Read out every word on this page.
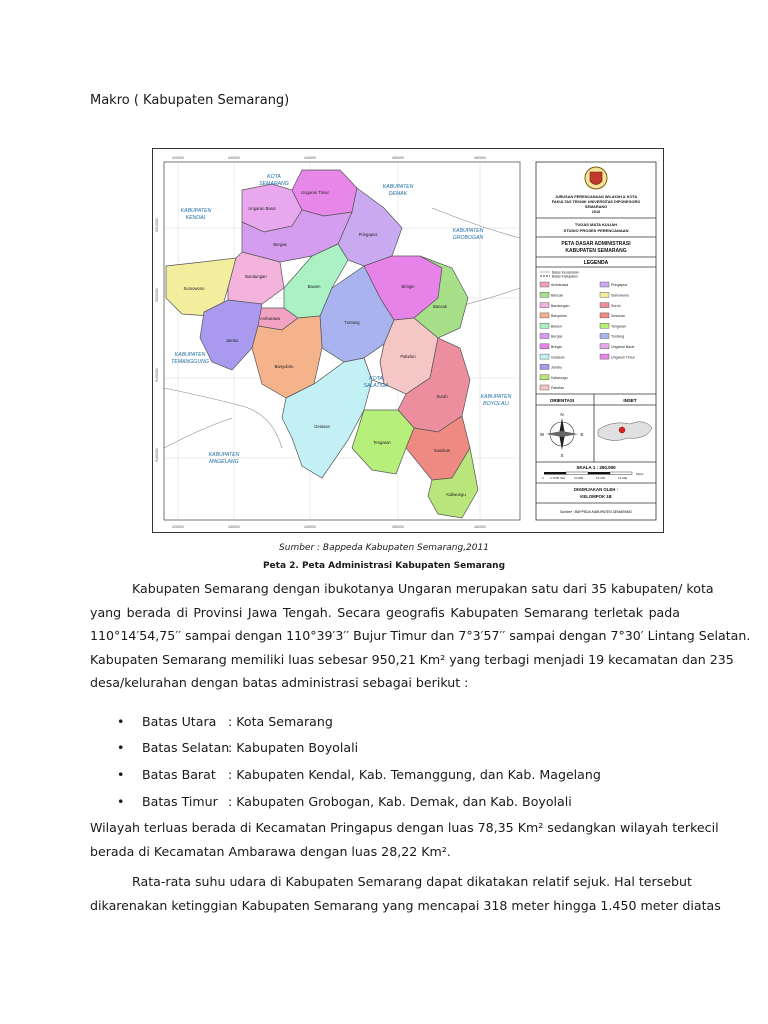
Makro ( Kabupaten Semarang)
420000	430000	440000	450000	460000
420000	430000	440000	450000	460000
9210000
9200000
9190000
9180000
Ungaran Timur
Ungaran Barat
Pringapus
Bergas
Sumowono
Bandungan
Bawen
Ambarawa
Bringin
Bancak
Jambu
Tuntang
Pabelan
Banyubiru
Getasan
Suruh
Tengaran
Susukan
Kaliwungu
KOTA
SEMARANG	KABUPATEN
DEMAK
KABUPATEN
KENDAL
KABUPATEN
GROBOGAN
KABUPATEN
TEMANGGUNG
KOTA
SALATIGA
KABUPATEN
BOYOLALI
KABUPATEN
MAGELANG
JURUSAN PERENCANAAN WILAYAH & KOTA
FAKULTAS TEKNIK UNIVERSITAS DIPONEGORO
SEMARANG
2016
TUGAS MATA KULIAH
STUDIO PROSES PERENCANAAN
PETA DASAR ADMINISTRASI
KABUPATEN SEMARANG
LEGENDA
Batas Kecamatan
Batas Kabupaten
Ambarawa
Bancak
Bandungan
Banyubiru
Bawen
Bergas
Bringin
Getasan
Jambu
Kaliwungu
Pabelan
Pringapus
Sumowono
Suruh
Susukan
Tengaran
Tuntang
Ungaran Barat
Ungaran Timur
ORIENTASI	INSET
N
E
S
W
SKALA 1 : 250.000
0 2.7005.400	10.800	16.200	21.600
Meter
DIKERJAKAN OLEH :
KELOMPOK 1B
Sumber : BAPPEDA KABUPATEN SEMARANG
Sumber : Bappeda Kabupaten Semarang,2011
Peta 2. Peta Administrasi Kabupaten Semarang
Kabupaten Semarang dengan ibukotanya Ungaran merupakan satu dari 35 kabupaten/ kota
yang berada di Provinsi Jawa Tengah. Secara geografis Kabupaten Semarang terletak pada
110°14′54,75′′ sampai dengan 110°39′3′′ Bujur Timur dan 7°3′57′′ sampai dengan 7°30′ Lintang Selatan.
Kabupaten Semarang memiliki luas sebesar 950,21 Km² yang terbagi menjadi 19 kecamatan dan 235
desa/kelurahan dengan batas administrasi sebagai berikut :
• Batas Utara : Kota Semarang
• Batas Selatan: Kabupaten Boyolali
• Batas Barat : Kabupaten Kendal, Kab. Temanggung, dan Kab. Magelang
• Batas Timur : Kabupaten Grobogan, Kab. Demak, dan Kab. Boyolali
Wilayah terluas berada di Kecamatan Pringapus dengan luas 78,35 Km² sedangkan wilayah terkecil
berada di Kecamatan Ambarawa dengan luas 28,22 Km².
Rata-rata suhu udara di Kabupaten Semarang dapat dikatakan relatif sejuk. Hal tersebut
dikarenakan ketinggian Kabupaten Semarang yang mencapai 318 meter hingga 1.450 meter diatas
